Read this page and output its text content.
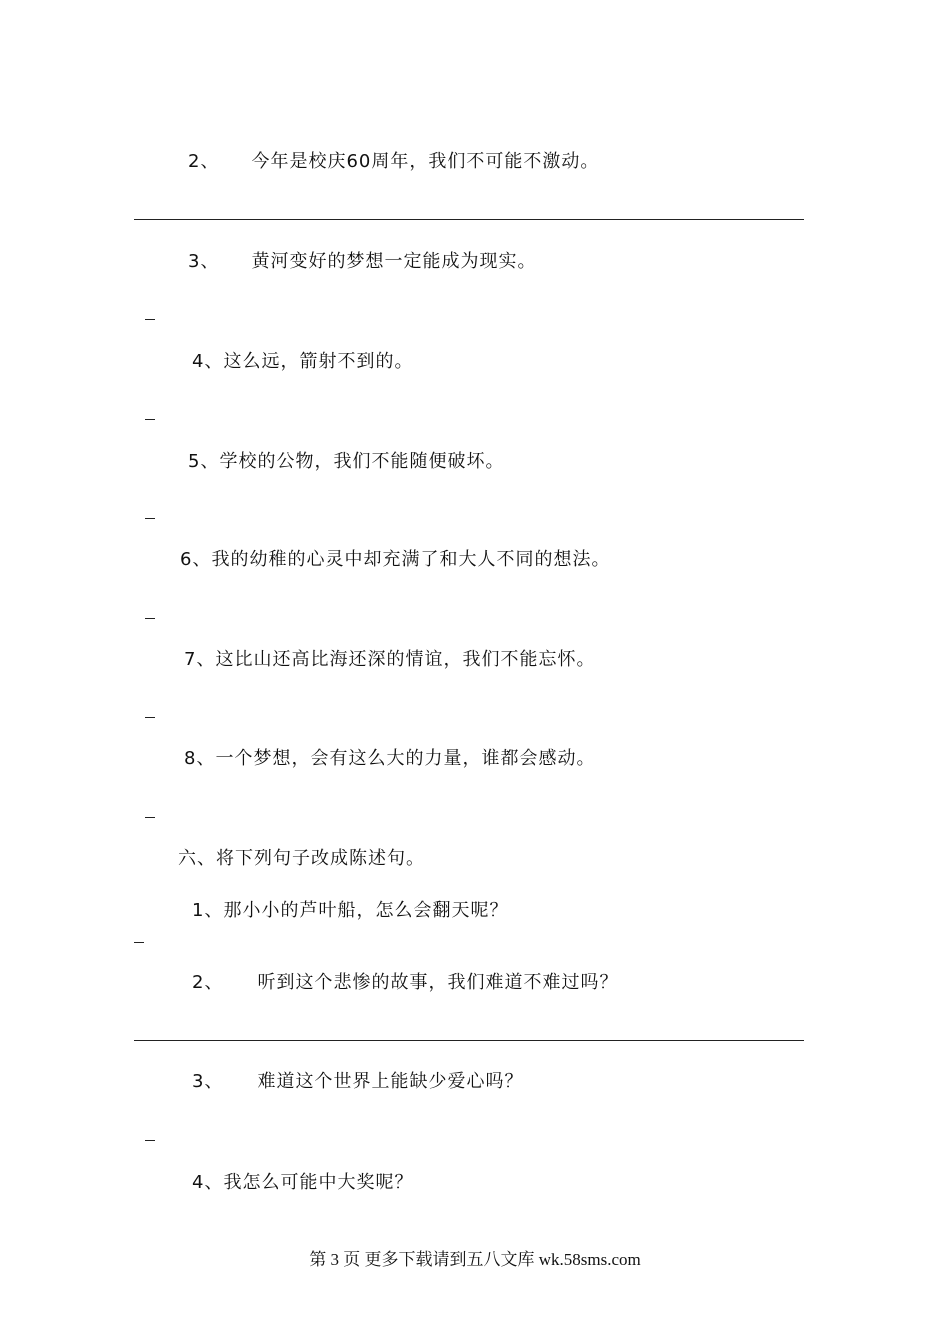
2、 今年是校庆60周年，我们不可能不激动。
3、 黄河变好的梦想一定能成为现实。
4、这么远，箭射不到的。
5、学校的公物，我们不能随便破坏。
6、我的幼稚的心灵中却充满了和大人不同的想法。
7、这比山还高比海还深的情谊，我们不能忘怀。
8、一个梦想，会有这么大的力量，谁都会感动。
六、将下列句子改成陈述句。
1、那小小的芦叶船，怎么会翻天呢？
2、 听到这个悲惨的故事，我们难道不难过吗？
3、 难道这个世界上能缺少爱心吗？
4、我怎么可能中大奖呢？
第 3 页 更多下载请到五八文库 wk.58sms.com
